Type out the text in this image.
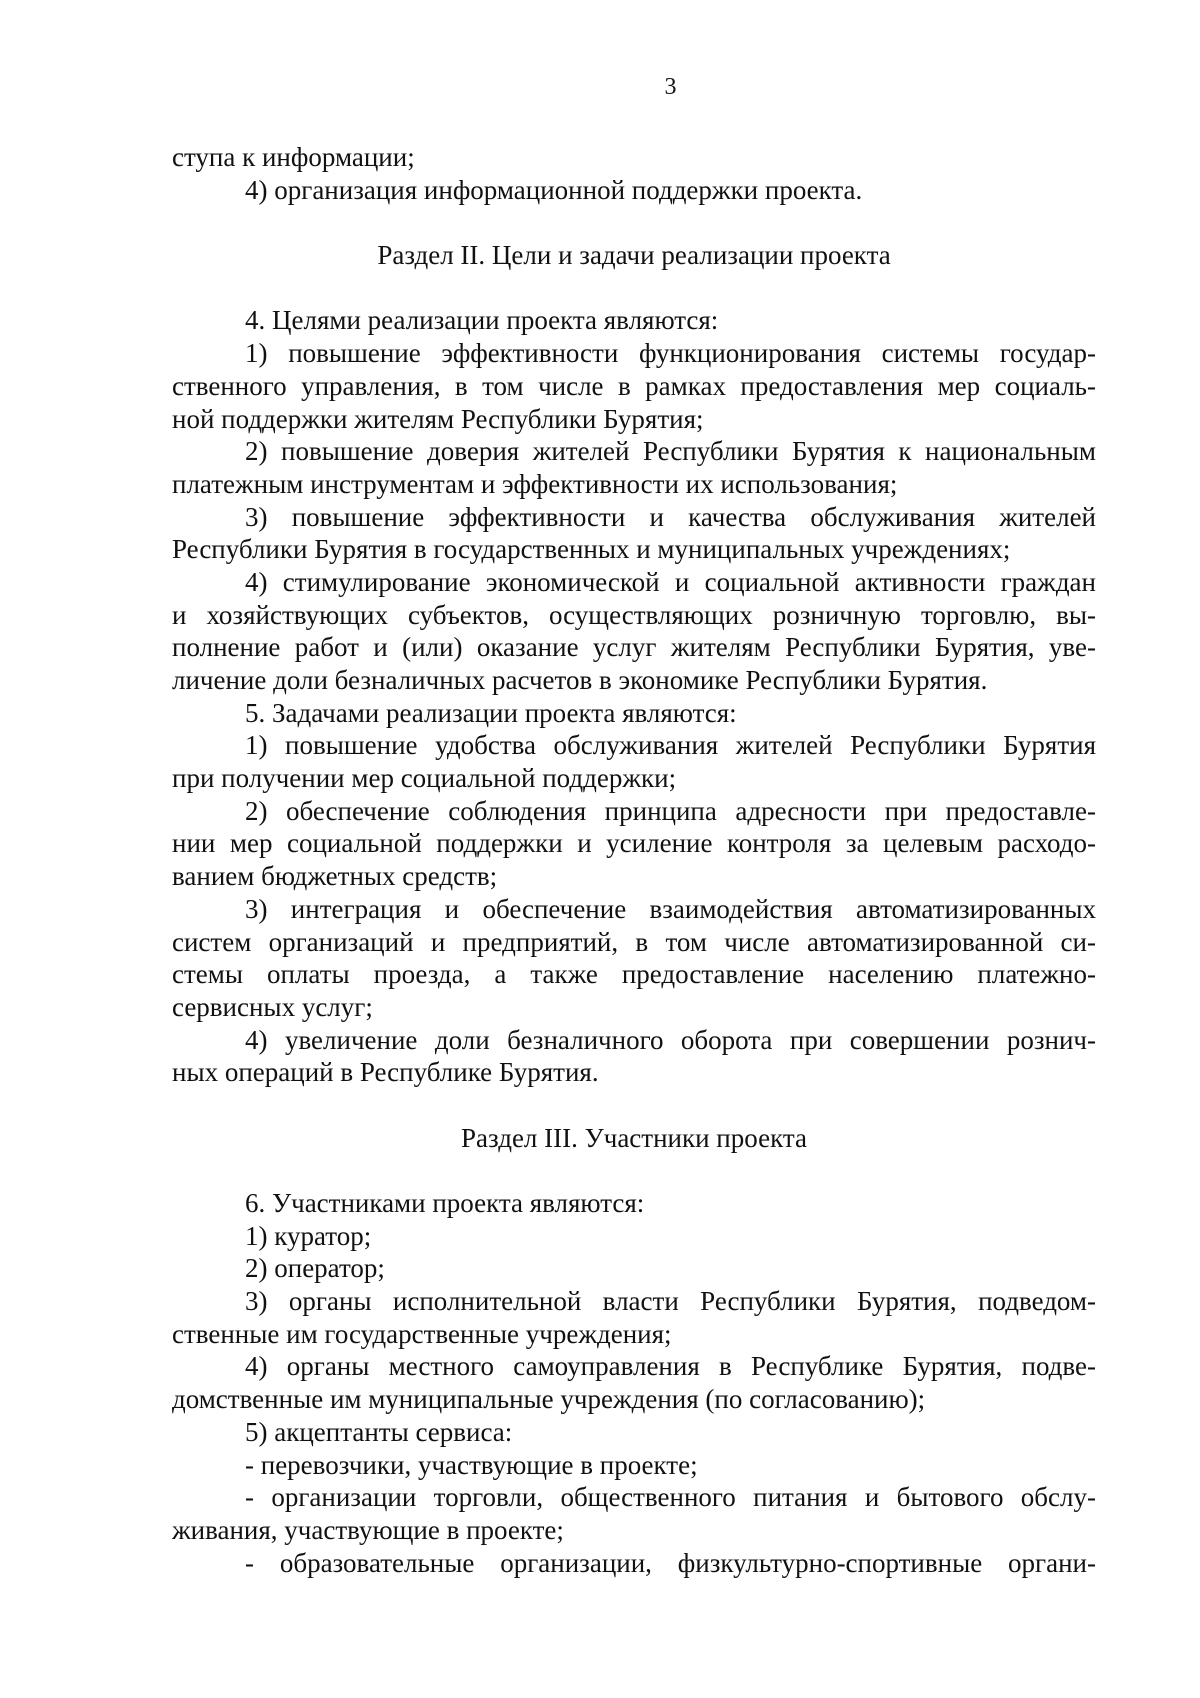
3
ступа к информации;
4) организация информационной поддержки проекта.
Раздел II. Цели и задачи реализации проекта
4. Целями реализации проекта являются:
1) повышение эффективности функционирования системы государ-
ственного управления, в том числе в рамках предоставления мер социаль-
ной поддержки жителям Республики Бурятия;
2) повышение доверия жителей Республики Бурятия к национальным
платежным инструментам и эффективности их использования;
3) повышение эффективности и качества обслуживания жителей
Республики Бурятия в государственных и муниципальных учреждениях;
4) стимулирование экономической и социальной активности граждан
и хозяйствующих субъектов, осуществляющих розничную торговлю, вы-
полнение работ и (или) оказание услуг жителям Республики Бурятия, уве-
личение доли безналичных расчетов в экономике Республики Бурятия.
5. Задачами реализации проекта являются:
1) повышение удобства обслуживания жителей Республики Бурятия
при получении мер социальной поддержки;
2) обеспечение соблюдения принципа адресности при предоставле-
нии мер социальной поддержки и усиление контроля за целевым расходо-
ванием бюджетных средств;
3) интеграция и обеспечение взаимодействия автоматизированных
систем организаций и предприятий, в том числе автоматизированной си-
стемы оплаты проезда, а также предоставление населению платежно-
сервисных услуг;
4) увеличение доли безналичного оборота при совершении рознич-
ных операций в Республике Бурятия.
Раздел III. Участники проекта
6. Участниками проекта являются:
1) куратор;
2) оператор;
3) органы исполнительной власти Республики Бурятия, подведом-
ственные им государственные учреждения;
4) органы местного самоуправления в Республике Бурятия, подве-
домственные им муниципальные учреждения (по согласованию);
5) акцептанты сервиса:
- перевозчики, участвующие в проекте;
- организации торговли, общественного питания и бытового обслу-
живания, участвующие в проекте;
- образовательные организации, физкультурно-спортивные органи-
